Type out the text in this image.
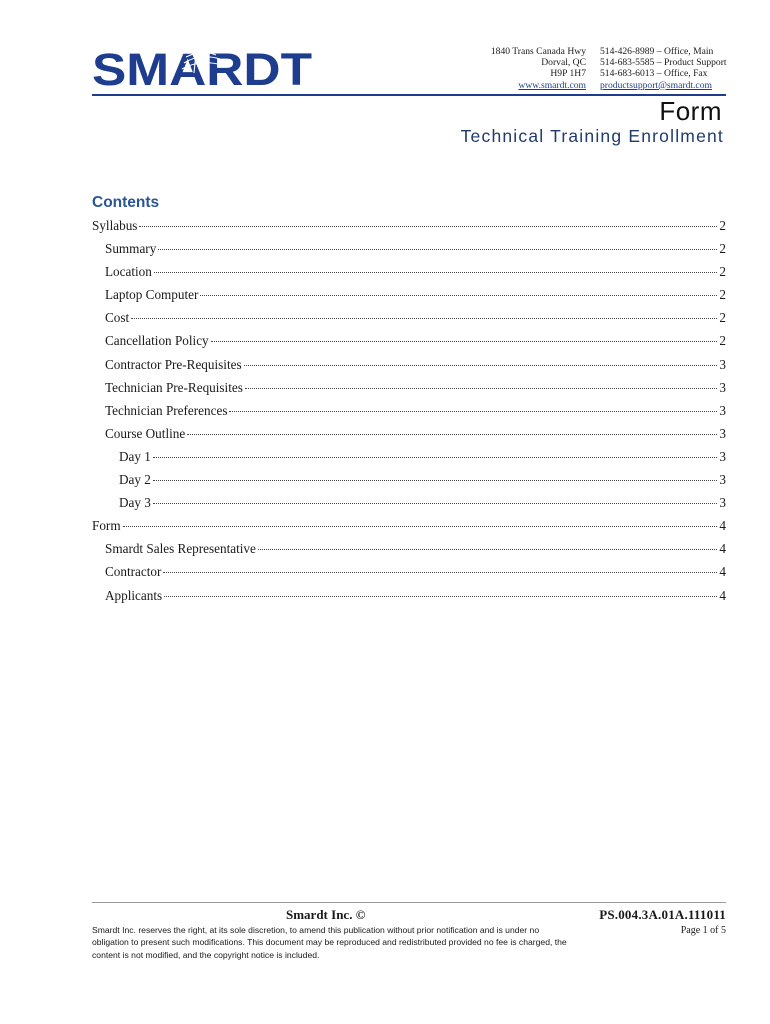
SMARDT	1840 Trans Canada Hwy
Dorval, QC
H9P 1H7
www.smardt.com
514-426-8989 – Office, Main
514-683-5585 – Product Support
514-683-6013 – Office, Fax
productsupport@smardt.com
Form
Technical Training Enrollment
Contents
Syllabus	2
Summary	2
Location	2
Laptop Computer	2
Cost	2
Cancellation Policy	2
Contractor Pre-Requisites	3
Technician Pre-Requisites	3
Technician Preferences	3
Course Outline	3
Day 1	3
Day 2	3
Day 3	3
Form	4
Smardt Sales Representative	4
Contractor	4
Applicants	4
Smardt Inc. ©	PS.004.3A.01A.111011
Page 1 of 5
Smardt Inc. reserves the right, at its sole discretion, to amend this publication without prior notification and is under no obligation to present such modifications. This document may be reproduced and redistributed provided no fee is charged, the content is not modified, and the copyright notice is included.
